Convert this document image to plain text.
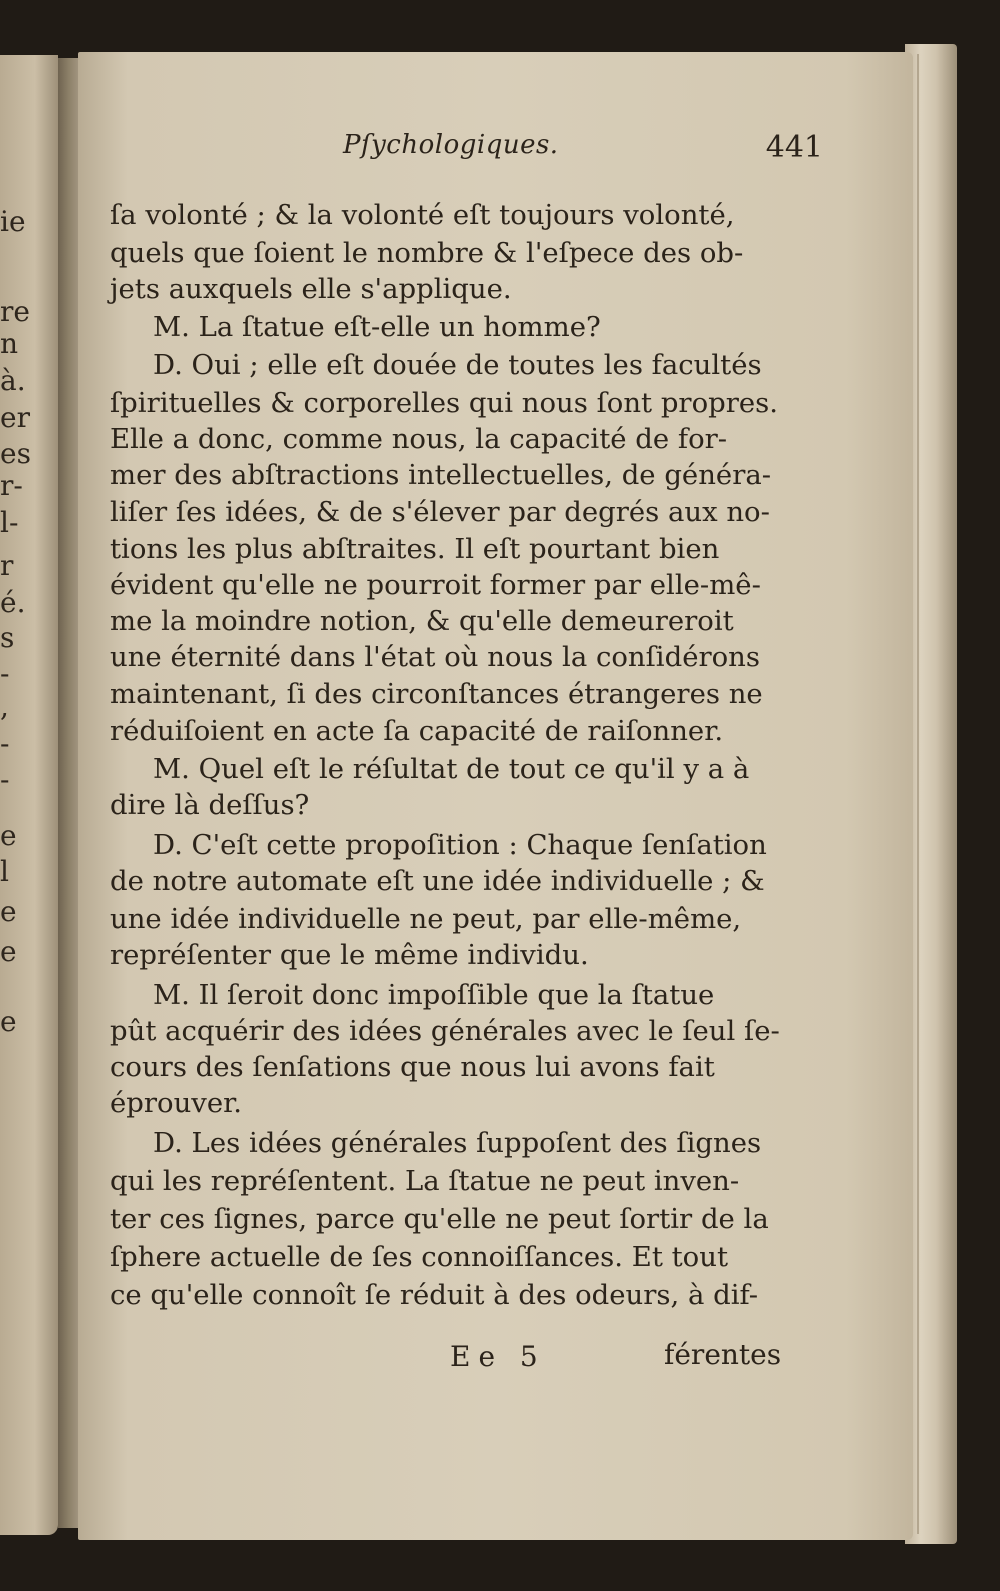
ie
re
n
à.
er
es
r-
l-
r
é.
s
-
,
-
-
e
l
e
e
e
Pſychologiques.	441
ſa volonté ; & la volonté eſt toujours volonté,
quels que ſoient le nombre & l'eſpece des ob-
jets auxquels elle s'applique.
M. La ſtatue eſt-elle un homme?
D. Oui ; elle eſt douée de toutes les facultés
ſpirituelles & corporelles qui nous ſont propres.
Elle a donc, comme nous, la capacité de for-
mer des abſtractions intellectuelles, de généra-
liſer ſes idées, & de s'élever par degrés aux no-
tions les plus abſtraites. Il eſt pourtant bien
évident qu'elle ne pourroit former par elle-mê-
me la moindre notion, & qu'elle demeureroit
une éternité dans l'état où nous la conſidérons
maintenant, ſi des circonſtances étrangeres ne
réduiſoient en acte ſa capacité de raiſonner.
M. Quel eſt le réſultat de tout ce qu'il y a à
dire là deſſus?
D. C'eſt cette propoſition : Chaque ſenſation
de notre automate eſt une idée individuelle ; &
une idée individuelle ne peut, par elle-même,
repréſenter que le même individu.
M. Il ſeroit donc impoſſible que la ſtatue
pût acquérir des idées générales avec le ſeul ſe-
cours des ſenſations que nous lui avons fait
éprouver.
D. Les idées générales ſuppoſent des ſignes
qui les repréſentent. La ſtatue ne peut inven-
ter ces ſignes, parce qu'elle ne peut ſortir de la
ſphere actuelle de ſes connoiſſances. Et tout
ce qu'elle connoît ſe réduit à des odeurs, à dif-
Ee 5	férentes
